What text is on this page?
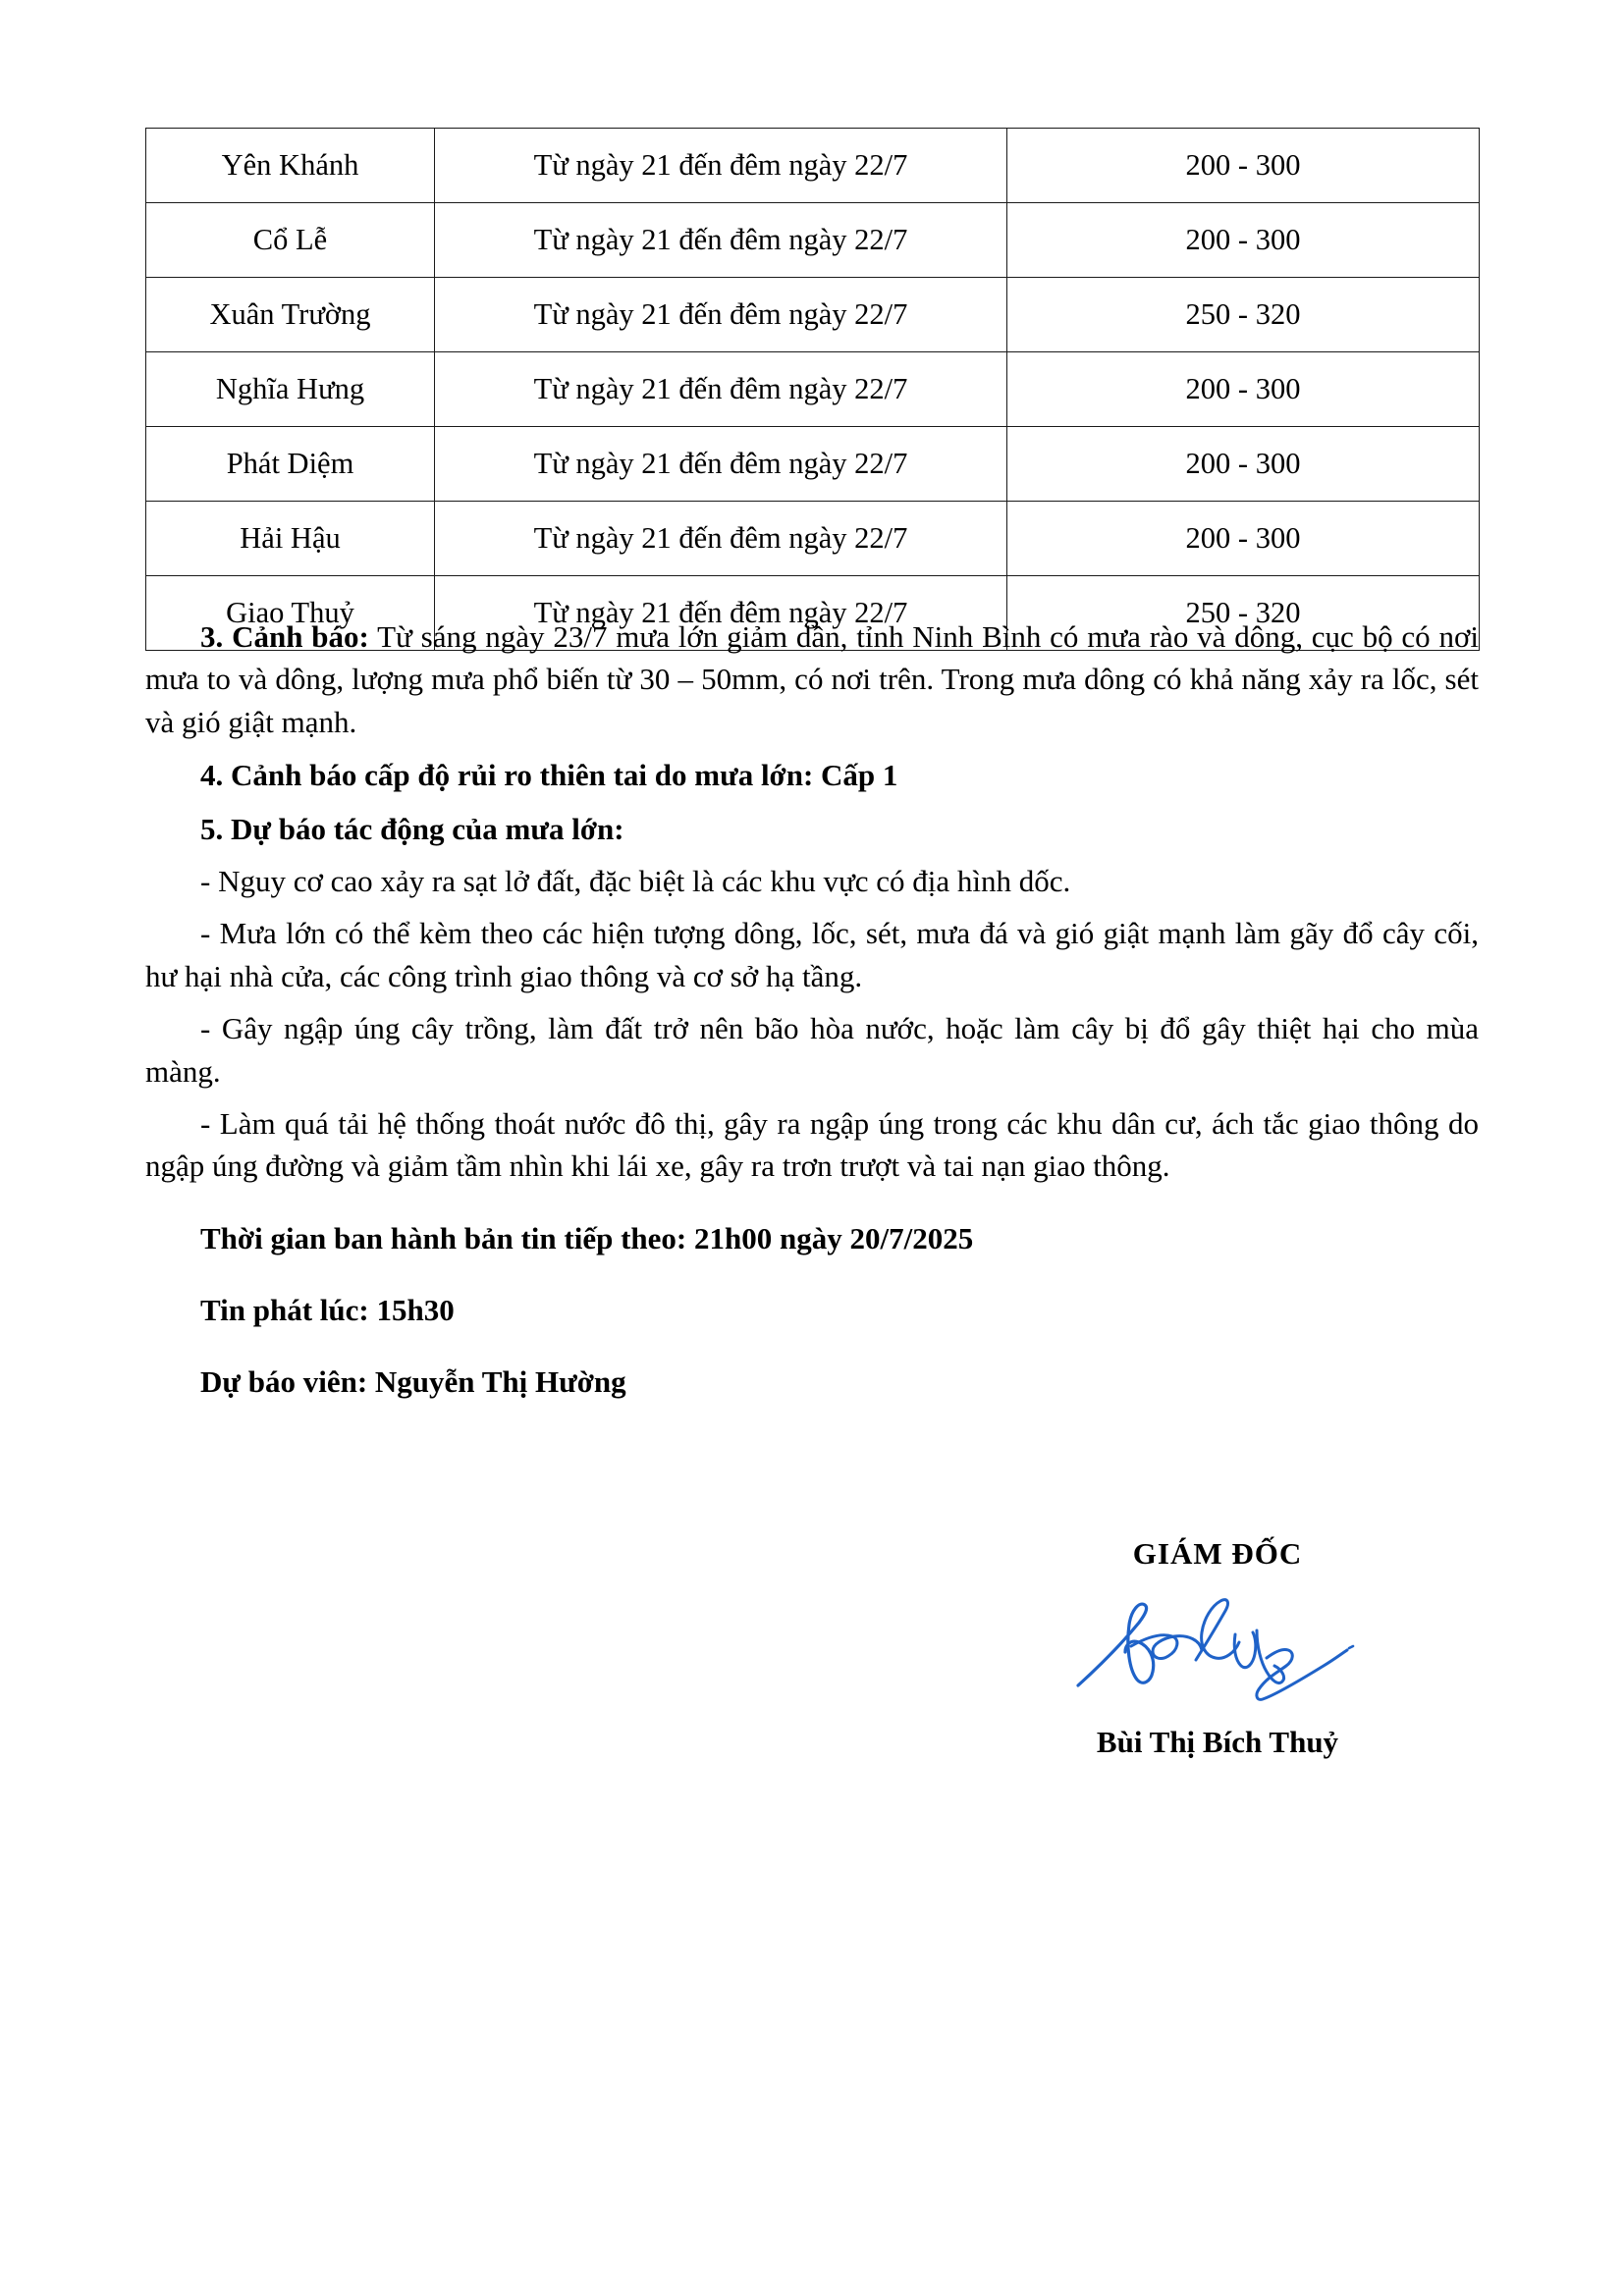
Yên Khánh	Từ ngày 21 đến đêm ngày 22/7	200 - 300
Cổ Lễ	Từ ngày 21 đến đêm ngày 22/7	200 - 300
Xuân Trường	Từ ngày 21 đến đêm ngày 22/7	250 - 320
Nghĩa Hưng	Từ ngày 21 đến đêm ngày 22/7	200 - 300
Phát Diệm	Từ ngày 21 đến đêm ngày 22/7	200 - 300
Hải Hậu	Từ ngày 21 đến đêm ngày 22/7	200 - 300
Giao Thuỷ	Từ ngày 21 đến đêm ngày 22/7	250 - 320

3. Cảnh báo: Từ sáng ngày 23/7 mưa lớn giảm dần, tỉnh Ninh Bình có mưa rào và dông, cục bộ có nơi mưa to và dông, lượng mưa phổ biến từ 30 – 50mm, có nơi trên. Trong mưa dông có khả năng xảy ra lốc, sét và gió giật mạnh.

4. Cảnh báo cấp độ rủi ro thiên tai do mưa lớn: Cấp 1

5. Dự báo tác động của mưa lớn:

- Nguy cơ cao xảy ra sạt lở đất, đặc biệt là các khu vực có địa hình dốc.

- Mưa lớn có thể kèm theo các hiện tượng dông, lốc, sét, mưa đá và gió giật mạnh làm gãy đổ cây cối, hư hại nhà cửa, các công trình giao thông và cơ sở hạ tầng.

- Gây ngập úng cây trồng, làm đất trở nên bão hòa nước, hoặc làm cây bị đổ gây thiệt hại cho mùa màng.

- Làm quá tải hệ thống thoát nước đô thị, gây ra ngập úng trong các khu dân cư, ách tắc giao thông do ngập úng đường và giảm tầm nhìn khi lái xe, gây ra trơn trượt và tai nạn giao thông.

Thời gian ban hành bản tin tiếp theo: 21h00 ngày 20/7/2025

Tin phát lúc: 15h30

Dự báo viên: Nguyễn Thị Hường

GIÁM ĐỐC
Bùi Thị Bích Thuỷ
